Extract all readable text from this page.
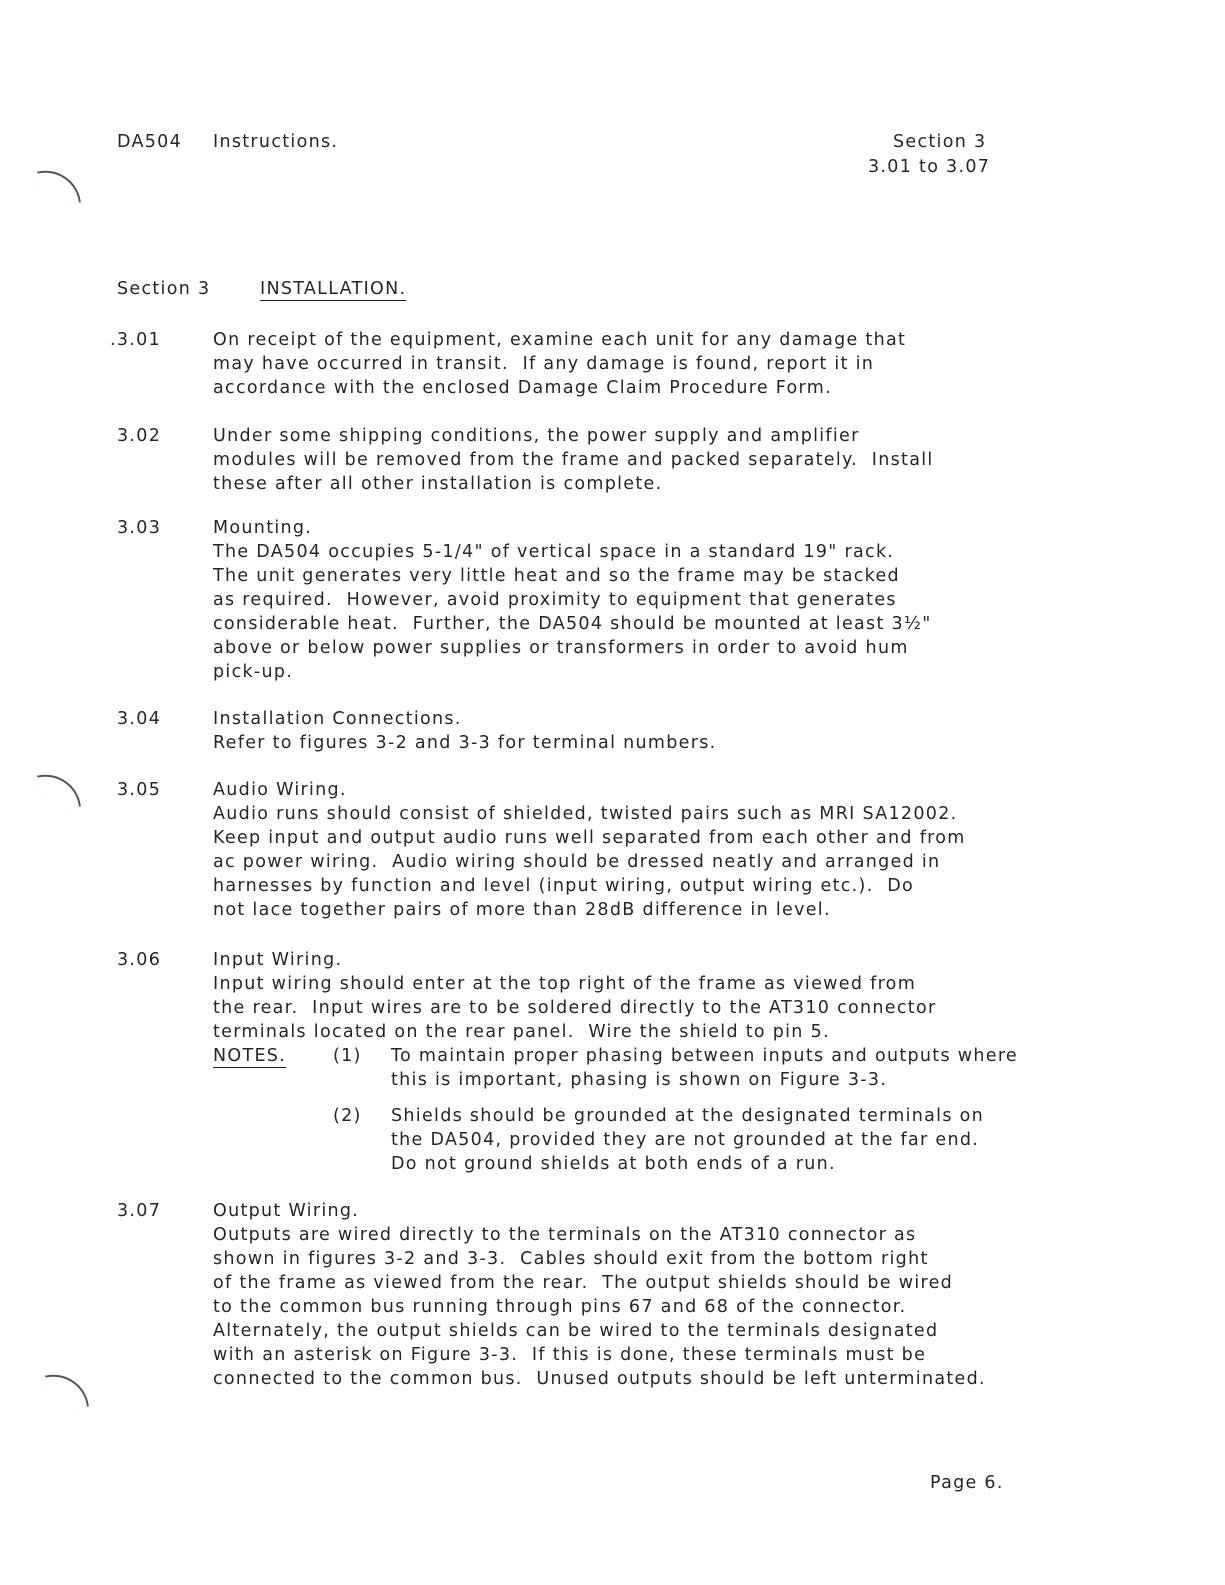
DA504 Instructions.	Section 3
3.01 to 3.07
Section 3	INSTALLATION.
.3.01	On receipt of the equipment, examine each unit for any damage that
may have occurred in transit.  If any damage is found, report it in
accordance with the enclosed Damage Claim Procedure Form.
3.02	Under some shipping conditions, the power supply and amplifier
modules will be removed from the frame and packed separately.  Install
these after all other installation is complete.
3.03	Mounting.
The DA504 occupies 5-1/4" of vertical space in a standard 19" rack.
The unit generates very little heat and so the frame may be stacked
as required.  However, avoid proximity to equipment that generates
considerable heat.  Further, the DA504 should be mounted at least 3½"
above or below power supplies or transformers in order to avoid hum
pick-up.
3.04	Installation Connections.
Refer to figures 3-2 and 3-3 for terminal numbers.
3.05	Audio Wiring.
Audio runs should consist of shielded, twisted pairs such as MRI SA12002.
Keep input and output audio runs well separated from each other and from
ac power wiring.  Audio wiring should be dressed neatly and arranged in
harnesses by function and level (input wiring, output wiring etc.).  Do
not lace together pairs of more than 28dB difference in level.
3.06	Input Wiring.
Input wiring should enter at the top right of the frame as viewed from
the rear.  Input wires are to be soldered directly to the AT310 connector
terminals located on the rear panel.  Wire the shield to pin 5.
NOTES.	(1) To maintain proper phasing between inputs and outputs where
this is important, phasing is shown on Figure 3-3.
(2) Shields should be grounded at the designated terminals on
the DA504, provided they are not grounded at the far end.
Do not ground shields at both ends of a run.
3.07	Output Wiring.
Outputs are wired directly to the terminals on the AT310 connector as
shown in figures 3-2 and 3-3.  Cables should exit from the bottom right
of the frame as viewed from the rear.  The output shields should be wired
to the common bus running through pins 67 and 68 of the connector.
Alternately, the output shields can be wired to the terminals designated
with an asterisk on Figure 3-3.  If this is done, these terminals must be
connected to the common bus.  Unused outputs should be left unterminated.
Page 6.
